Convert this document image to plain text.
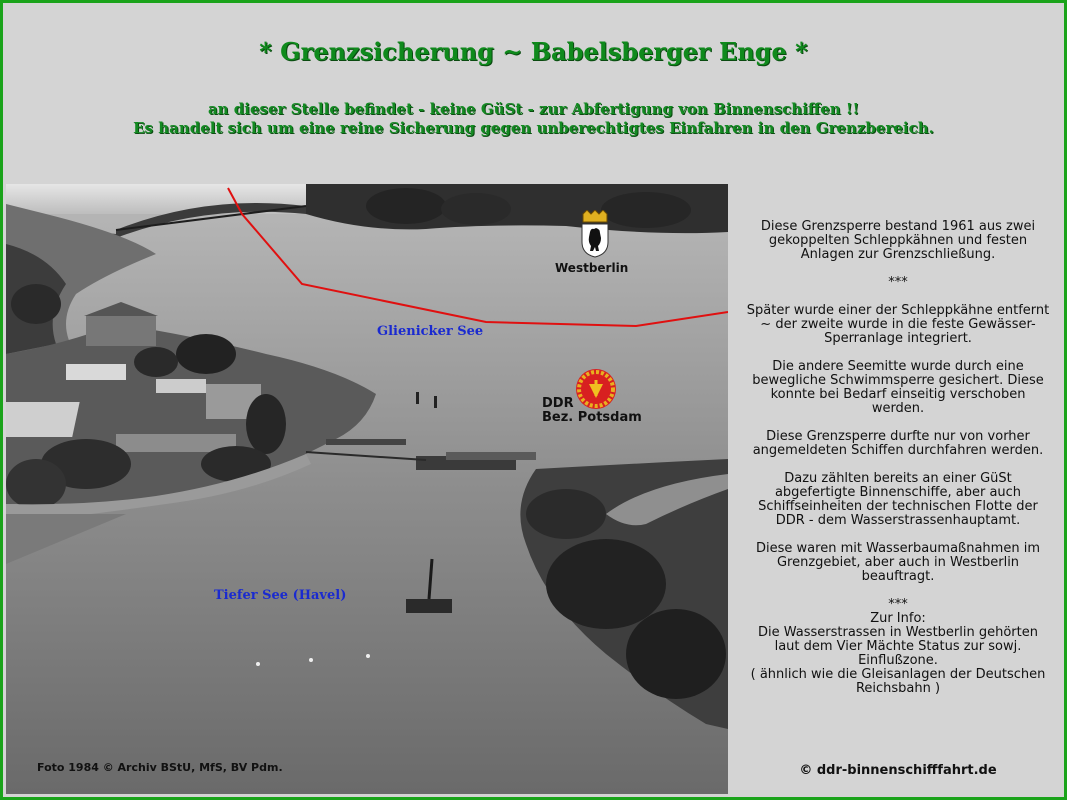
* Grenzsicherung ~ Babelsberger Enge *
an dieser Stelle befindet - keine GüSt - zur Abfertigung von Binnenschiffen !!
Es handelt sich um eine reine Sicherung gegen unberechtigtes Einfahren in den Grenzbereich.
Westberlin
DDR
Bez. Potsdam
Glienicker See
Tiefer See (Havel)
Foto 1984 © Archiv BStU, MfS, BV Pdm.

Diese Grenzsperre bestand 1961 aus zwei gekoppelten Schleppkähnen und festen Anlagen zur Grenzschließung.

***

Später wurde einer der Schleppkähne entfernt ~ der zweite wurde in die feste Gewässer-Sperranlage integriert.

Die andere Seemitte wurde durch eine bewegliche Schwimmsperre gesichert. Diese konnte bei Bedarf einseitig verschoben werden.

Diese Grenzsperre durfte nur von vorher angemeldeten Schiffen durchfahren werden.

Dazu zählten bereits an einer GüSt abgefertigte Binnenschiffe, aber auch Schiffseinheiten der technischen Flotte der DDR - dem Wasserstrassenhauptamt.

Diese waren mit Wasserbaumaßnahmen im Grenzgebiet, aber auch in Westberlin beauftragt.

***
Zur Info:
Die Wasserstrassen in Westberlin gehörten laut dem Vier Mächte Status zur sowj. Einflußzone.
( ähnlich wie die Gleisanlagen der Deutschen Reichsbahn )
© ddr-binnenschifffahrt.de
